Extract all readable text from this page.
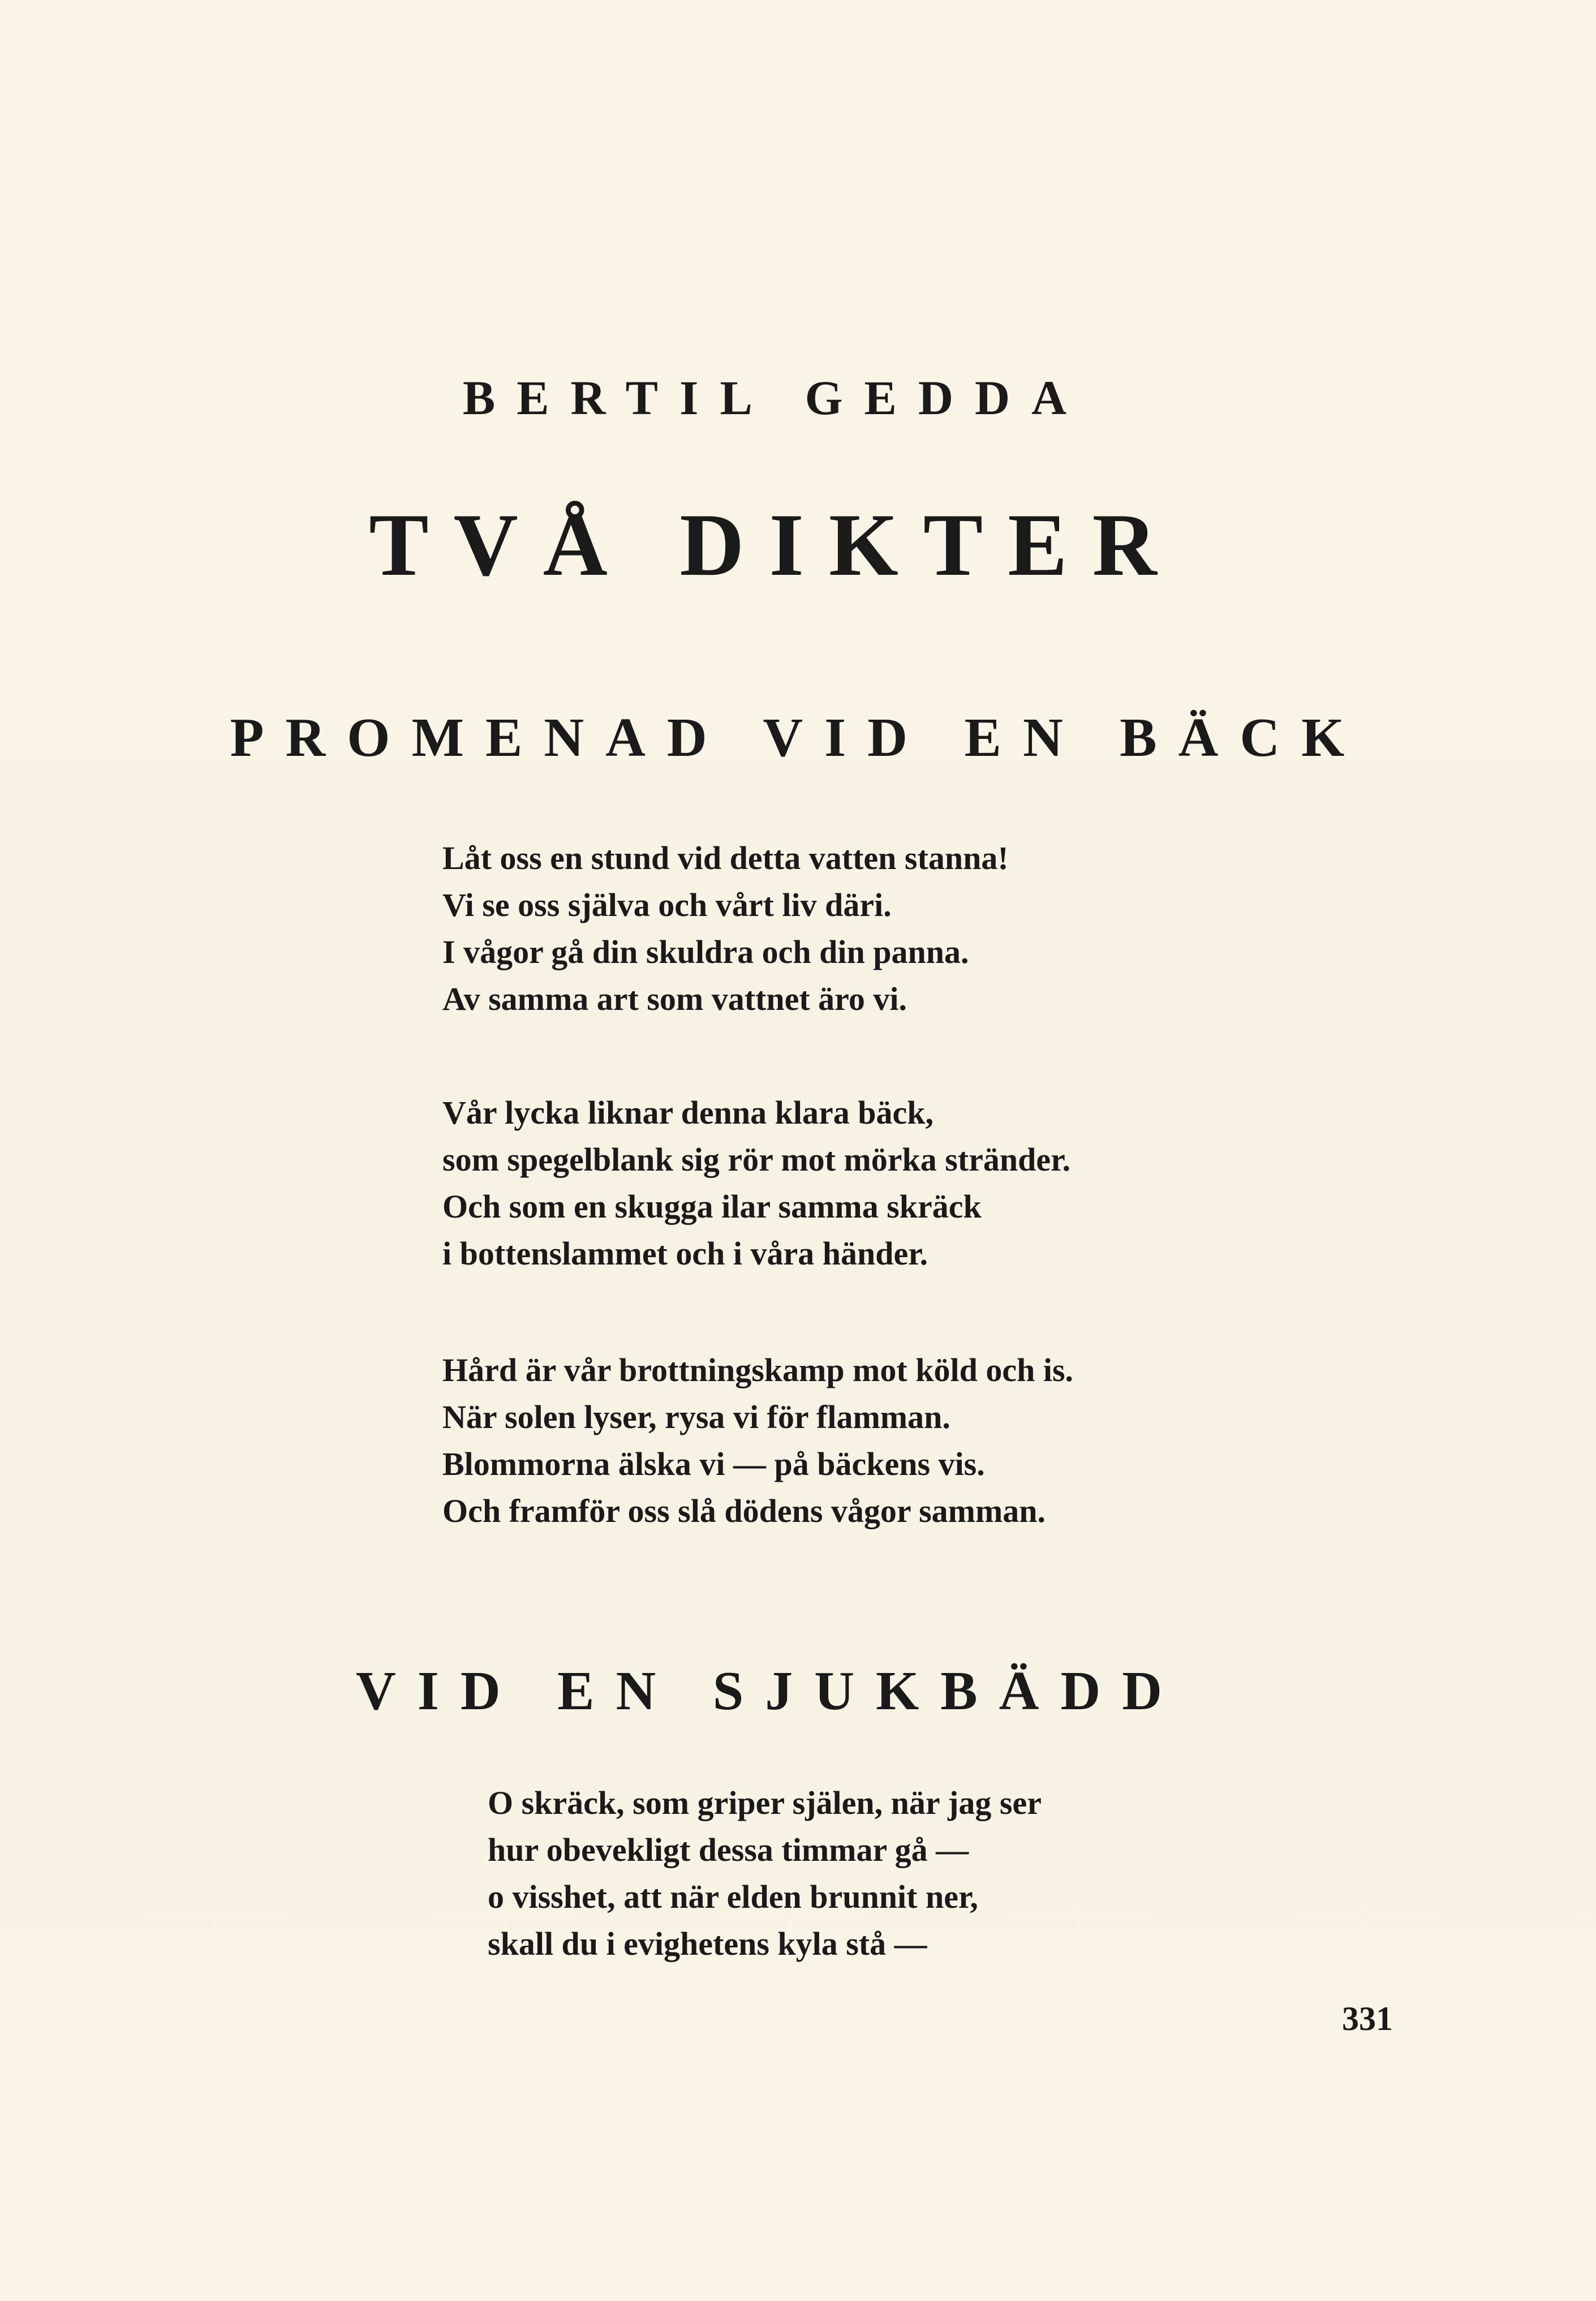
BERTIL GEDDA
TVÅ DIKTER
PROMENAD VID EN BÄCK
Låt oss en stund vid detta vatten stanna!
Vi se oss själva och vårt liv däri.
I vågor gå din skuldra och din panna.
Av samma art som vattnet äro vi.
Vår lycka liknar denna klara bäck,
som spegelblank sig rör mot mörka stränder.
Och som en skugga ilar samma skräck
i bottenslammet och i våra händer.
Hård är vår brottningskamp mot köld och is.
När solen lyser, rysa vi för flamman.
Blommorna älska vi — på bäckens vis.
Och framför oss slå dödens vågor samman.
VID EN SJUKBÄDD
O skräck, som griper själen, när jag ser
hur obevekligt dessa timmar gå —
o visshet, att när elden brunnit ner,
skall du i evighetens kyla stå —
331
